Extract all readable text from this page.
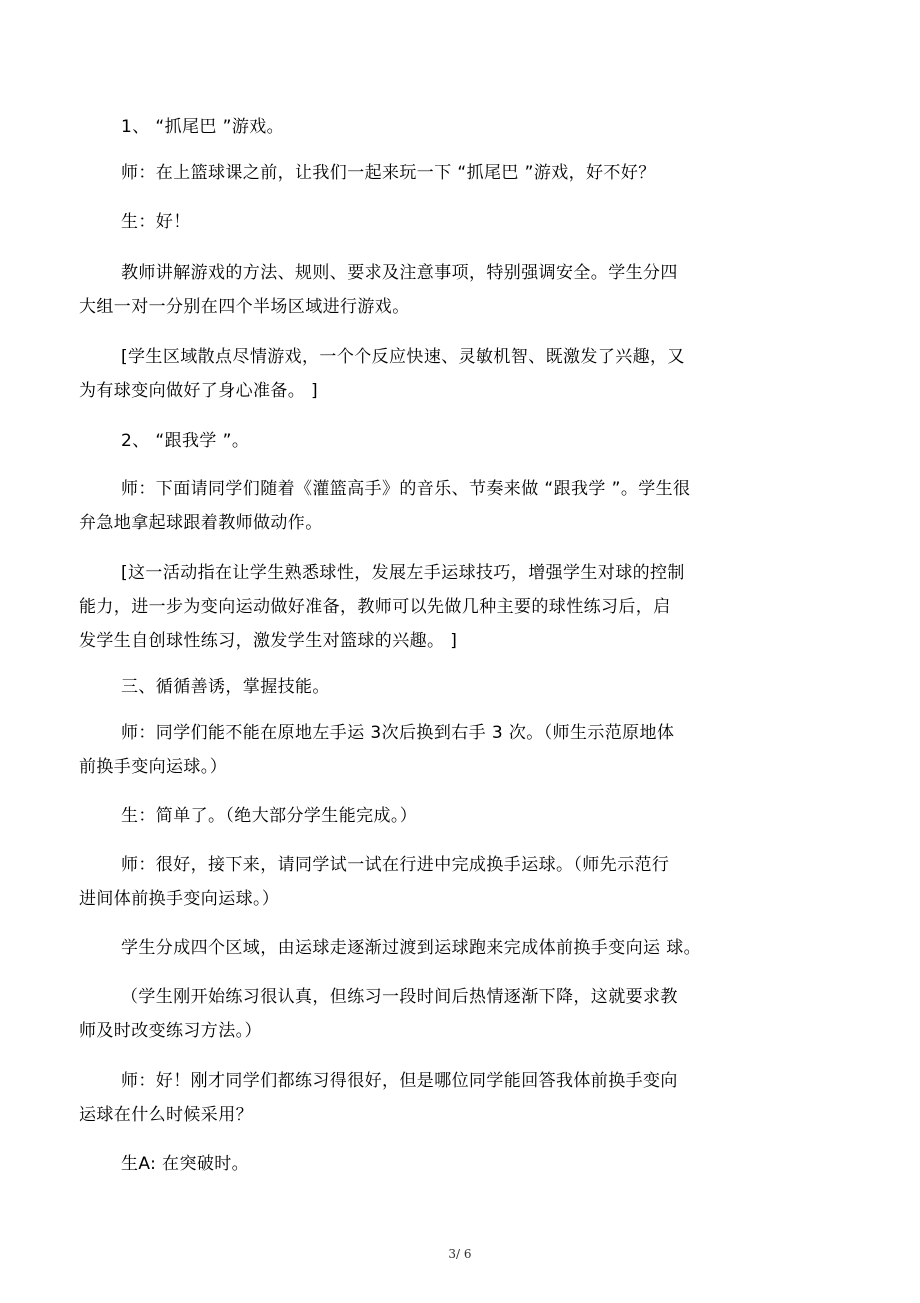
1、 “抓尾巴 ”游戏。

师：在上篮球课之前，让我们一起来玩一下 “抓尾巴 ”游戏，好不好？

生：好！

教师讲解游戏的方法、规则、要求及注意事项，特别强调安全。学生分四
大组一对一分别在四个半场区域进行游戏。

[学生区域散点尽情游戏，一个个反应快速、灵敏机智、既激发了兴趣，又
为有球变向做好了身心准备。 ]

2、 “跟我学 ”。

师：下面请同学们随着《灌篮高手》的音乐、节奏来做 “跟我学 ”。学生很
弁急地拿起球跟着教师做动作。

[这一活动指在让学生熟悉球性，发展左手运球技巧，增强学生对球的控制
能力，进一步为变向运动做好准备，教师可以先做几种主要的球性练习后，启
发学生自创球性练习，激发学生对篮球的兴趣。 ]

三、循循善诱，掌握技能。

师：同学们能不能在原地左手运 3次后换到右手 3 次。（师生示范原地体
前换手变向运球。）

生：简单了。（绝大部分学生能完成。）

师：很好，接下来，请同学试一试在行进中完成换手运球。（师先示范行
进间体前换手变向运球。）

学生分成四个区域，由运球走逐渐过渡到运球跑来完成体前换手变向运 球。

（学生刚开始练习很认真，但练习一段时间后热情逐渐下降，这就要求教
师及时改变练习方法。）

师：好！刚才同学们都练习得很好，但是哪位同学能回答我体前换手变向
运球在什么时候采用？

生A: 在突破时。

3/ 6
